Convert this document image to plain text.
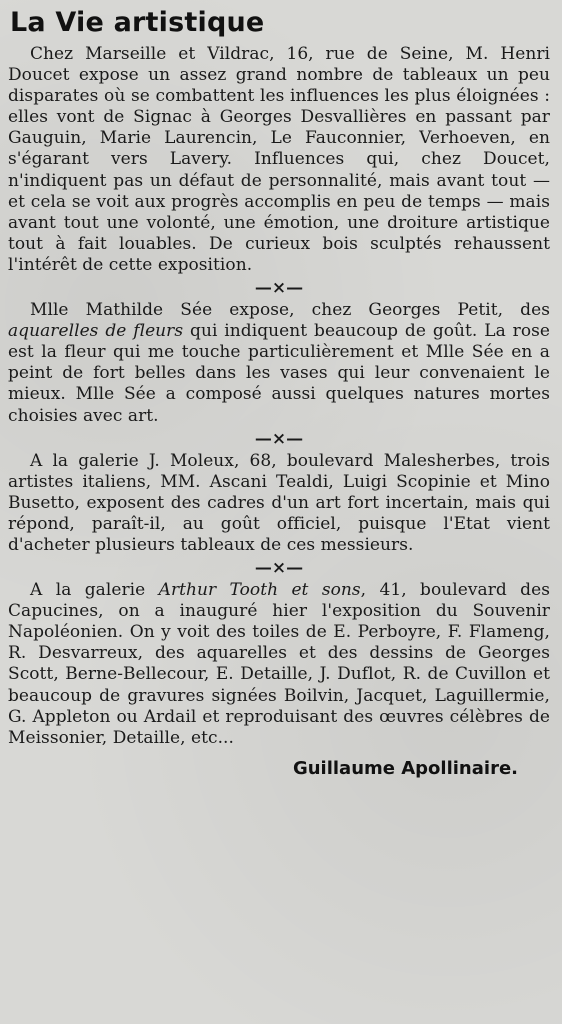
La Vie artistique

Chez Marseille et Vildrac, 16, rue de Seine, M. Henri Doucet expose un assez grand nombre de tableaux un peu disparates où se combattent les influences les plus éloignées : elles vont de Signac à Georges Desvallières en passant par Gauguin, Marie Laurencin, Le Fauconnier, Verhoeven, en s'égarant vers Lavery. Influences qui, chez Doucet, n'indiquent pas un défaut de personnalité, mais avant tout — et cela se voit aux progrès accomplis en peu de temps — mais avant tout une volonté, une émotion, une droiture artistique tout à fait louables. De curieux bois sculptés rehaussent l'intérêt de cette exposition.

—×—

Mlle Mathilde Sée expose, chez Georges Petit, des aquarelles de fleurs qui indiquent beaucoup de goût. La rose est la fleur qui me touche particulièrement et Mlle Sée en a peint de fort belles dans les vases qui leur convenaient le mieux. Mlle Sée a composé aussi quelques natures mortes choisies avec art.

—×—

A la galerie J. Moleux, 68, boulevard Malesherbes, trois artistes italiens, MM. Ascani Tealdi, Luigi Scopinie et Mino Busetto, exposent des cadres d'un art fort incertain, mais qui répond, paraît-il, au goût officiel, puisque l'Etat vient d'acheter plusieurs tableaux de ces messieurs.

—×—

A la galerie Arthur Tooth et sons, 41, boulevard des Capucines, on a inauguré hier l'exposition du Souvenir Napoléonien. On y voit des toiles de E. Perboyre, F. Flameng, R. Desvarreux, des aquarelles et des dessins de Georges Scott, Berne-Bellecour, E. Detaille, J. Duflot, R. de Cuvillon et beaucoup de gravures signées Boilvin, Jacquet, Laguillermie, G. Appleton ou Ardail et reproduisant des œuvres célèbres de Meissonier, Detaille, etc...

Guillaume Apollinaire.
